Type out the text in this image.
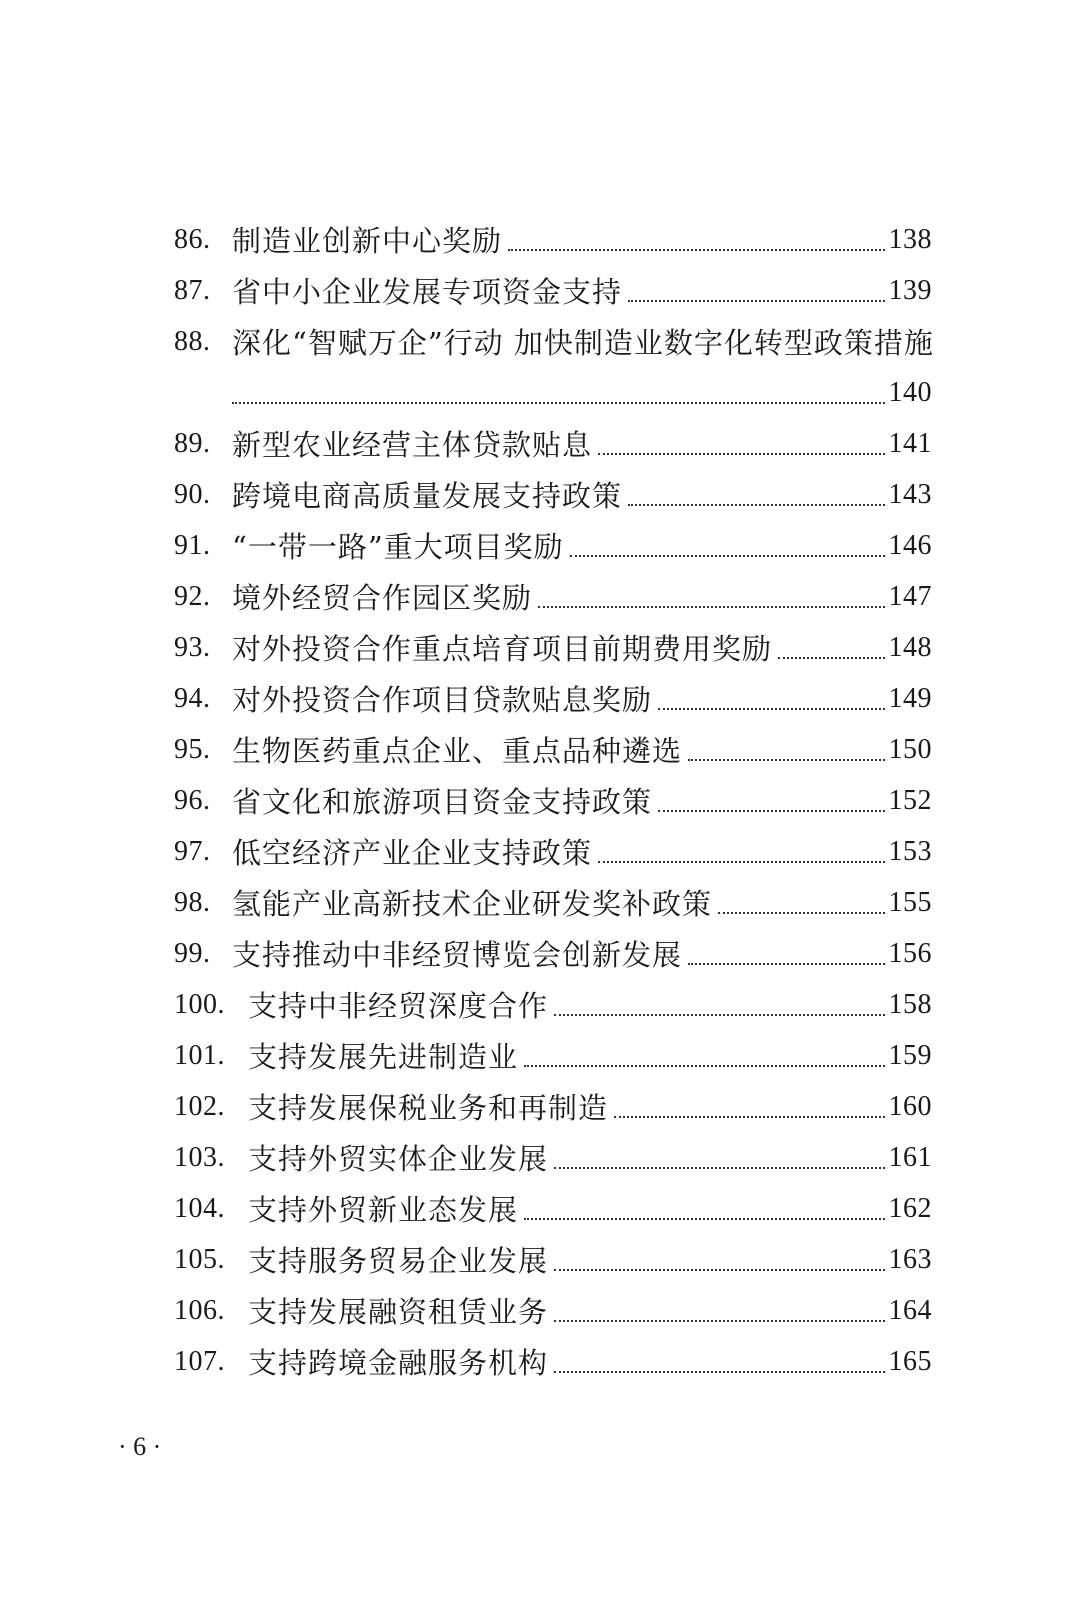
86. 制造业创新中心奖励	138
87. 省中小企业发展专项资金支持	139
88. 深化“智赋万企”行动 加快制造业数字化转型政策措施
140
89. 新型农业经营主体贷款贴息	141
90. 跨境电商高质量发展支持政策	143
91. “一带一路”重大项目奖励	146
92. 境外经贸合作园区奖励	147
93. 对外投资合作重点培育项目前期费用奖励	148
94. 对外投资合作项目贷款贴息奖励	149
95. 生物医药重点企业、重点品种遴选	150
96. 省文化和旅游项目资金支持政策	152
97. 低空经济产业企业支持政策	153
98. 氢能产业高新技术企业研发奖补政策	155
99. 支持推动中非经贸博览会创新发展	156
100. 支持中非经贸深度合作	158
101. 支持发展先进制造业	159
102. 支持发展保税业务和再制造	160
103. 支持外贸实体企业发展	161
104. 支持外贸新业态发展	162
105. 支持服务贸易企业发展	163
106. 支持发展融资租赁业务	164
107. 支持跨境金融服务机构	165
· 6 ·
